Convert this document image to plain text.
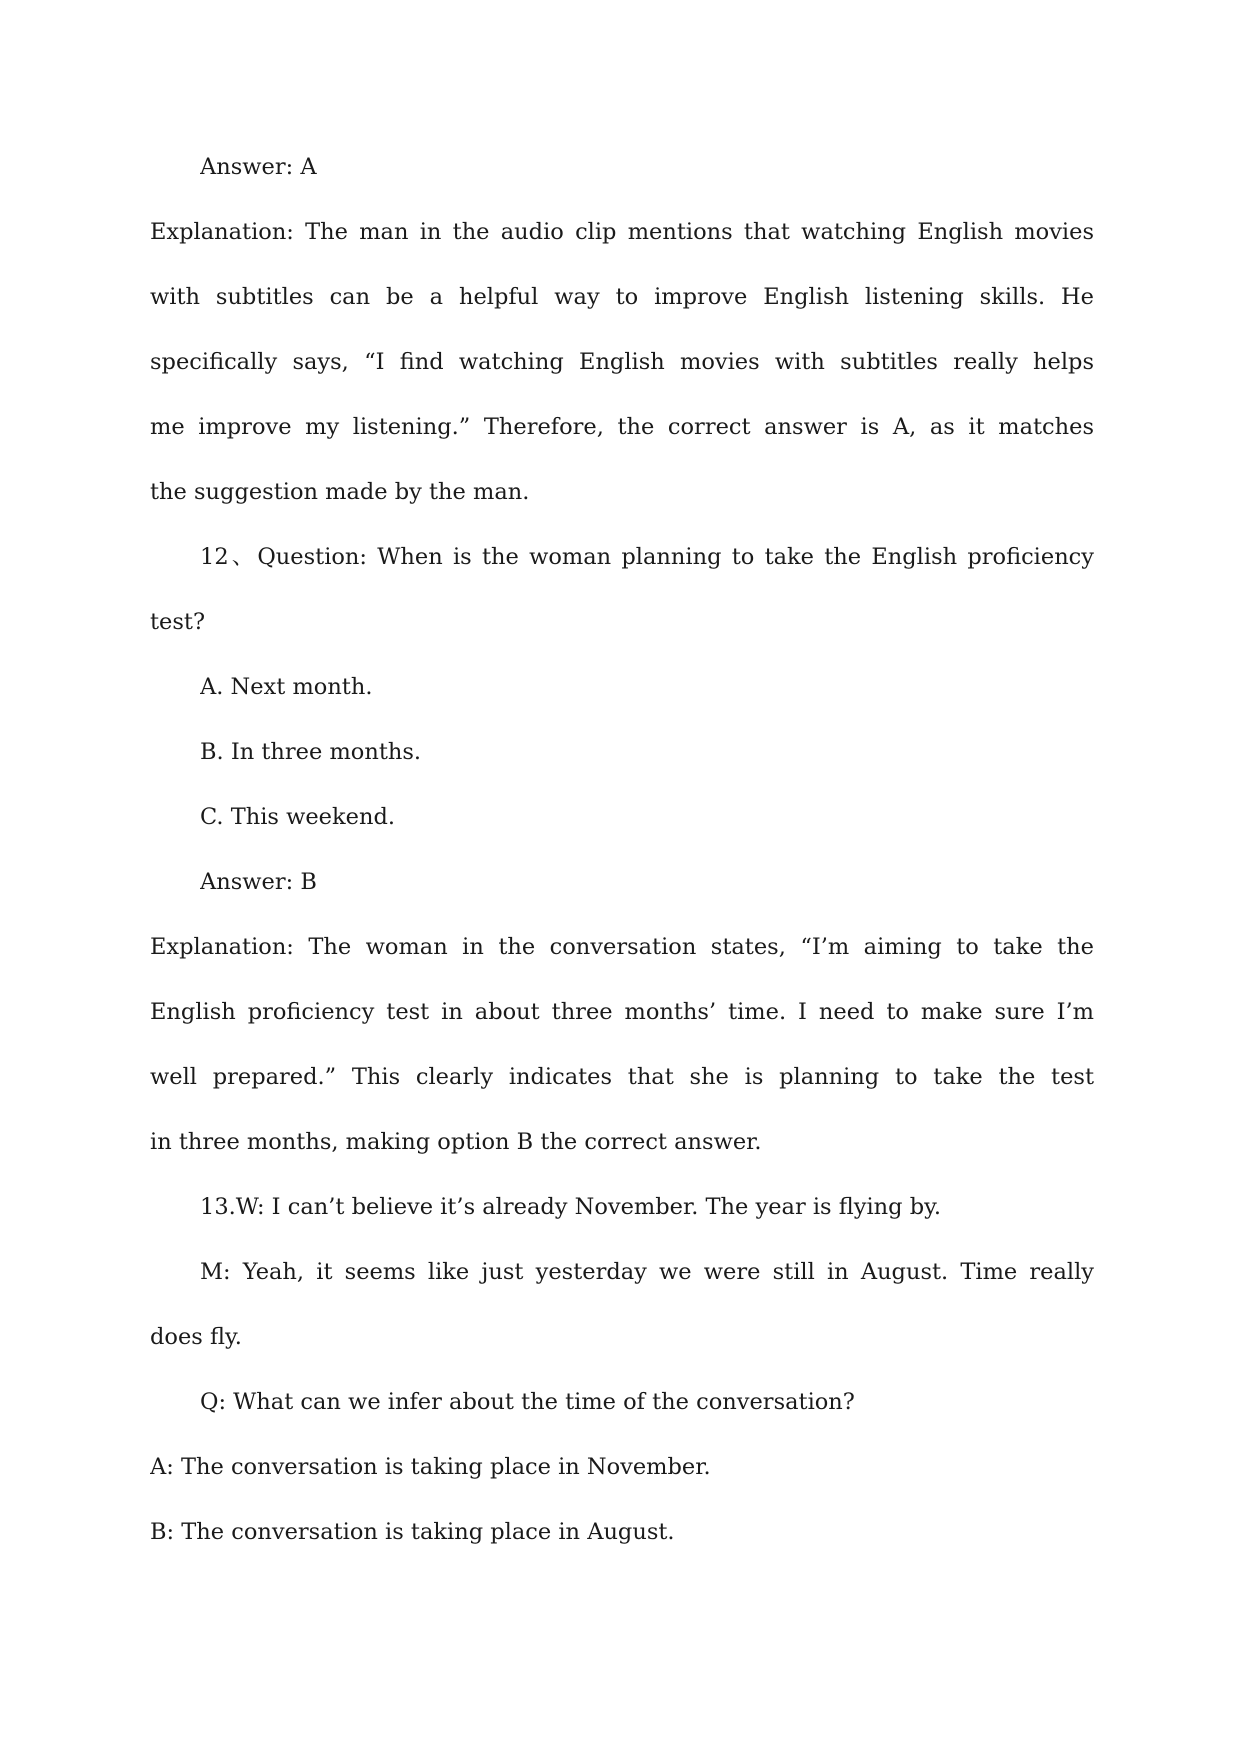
Answer: A
Explanation: The man in the audio clip mentions that watching English movies
with subtitles can be a helpful way to improve English listening skills. He
specifically says, “I find watching English movies with subtitles really helps
me improve my listening.” Therefore, the correct answer is A, as it matches
the suggestion made by the man.
12、Question: When is the woman planning to take the English proficiency
test?
A. Next month.
B. In three months.
C. This weekend.
Answer: B
Explanation: The woman in the conversation states, “I’m aiming to take the
English proficiency test in about three months’ time. I need to make sure I’m
well prepared.” This clearly indicates that she is planning to take the test
in three months, making option B the correct answer.
13.W: I can’t believe it’s already November. The year is flying by.
M: Yeah, it seems like just yesterday we were still in August. Time really
does fly.
Q: What can we infer about the time of the conversation?
A: The conversation is taking place in November.
B: The conversation is taking place in August.
